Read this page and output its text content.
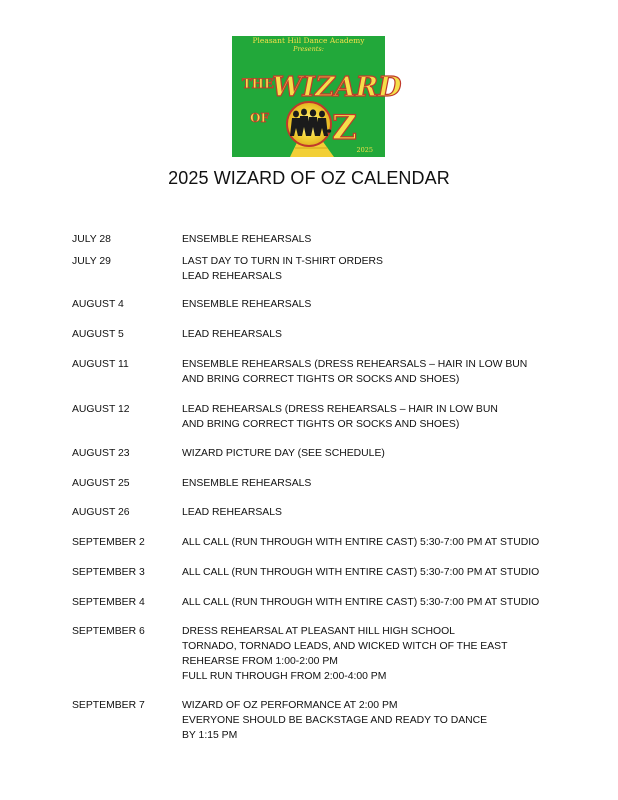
Pleasant Hill Dance Academy
Presents:
THE
WIZARD
OF Z
2025
2025 WIZARD OF OZ CALENDAR
JULY 28	ENSEMBLE REHEARSALS
JULY 29	LAST DAY TO TURN IN T-SHIRT ORDERS
LEAD REHEARSALS
AUGUST 4	ENSEMBLE REHEARSALS
AUGUST 5	LEAD REHEARSALS
AUGUST 11	ENSEMBLE REHEARSALS (DRESS REHEARSALS – HAIR IN LOW BUN
AND BRING CORRECT TIGHTS OR SOCKS AND SHOES)
AUGUST 12	LEAD REHEARSALS (DRESS REHEARSALS – HAIR IN LOW BUN
AND BRING CORRECT TIGHTS OR SOCKS AND SHOES)
AUGUST 23	WIZARD PICTURE DAY (SEE SCHEDULE)
AUGUST 25	ENSEMBLE REHEARSALS
AUGUST 26	LEAD REHEARSALS
SEPTEMBER 2	ALL CALL (RUN THROUGH WITH ENTIRE CAST) 5:30-7:00 PM AT STUDIO
SEPTEMBER 3	ALL CALL (RUN THROUGH WITH ENTIRE CAST) 5:30-7:00 PM AT STUDIO
SEPTEMBER 4	ALL CALL (RUN THROUGH WITH ENTIRE CAST) 5:30-7:00 PM AT STUDIO
SEPTEMBER 6	DRESS REHEARSAL AT PLEASANT HILL HIGH SCHOOL
TORNADO, TORNADO LEADS, AND WICKED WITCH OF THE EAST
REHEARSE FROM 1:00-2:00 PM
FULL RUN THROUGH FROM 2:00-4:00 PM
SEPTEMBER 7	WIZARD OF OZ PERFORMANCE AT 2:00 PM
EVERYONE SHOULD BE BACKSTAGE AND READY TO DANCE
BY 1:15 PM
